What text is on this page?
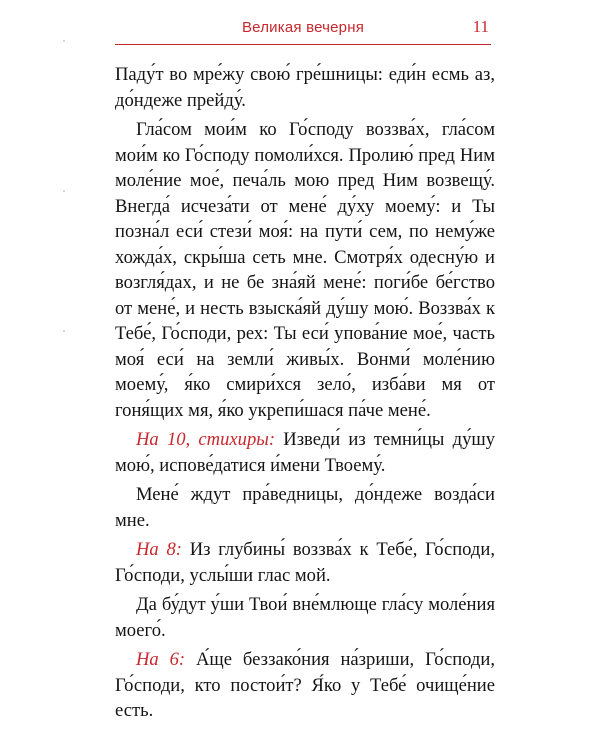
Великая вечерня	11

Паду́т во мре́жу свою́ гре́шницы: еди́н есмь аз, до́ндеже прейду́.

Гла́сом мои́м ко Го́споду воззва́х, гла́сом мои́м ко Го́споду помоли́хся. Пролию́ пред Ним моле́ние мое́, печа́ль мою пред Ним возвещу́. Внегда́ исчеза́ти от мене́ ду́ху моему́: и Ты позна́л еси́ стези́ моя́: на пути́ сем, по нему́же хожда́х, скры́ша сеть мне. Смотря́х одесну́ю и возгля́дах, и не бе зна́яй мене́: поги́бе бе́гство от мене́, и несть взыска́яй ду́шу мою́. Воззва́х к Тебе́, Го́споди, рех: Ты еси́ упова́ние мое́, часть моя́ еси́ на земли́ живы́х. Вонми́ моле́нию моему́, я́ко смири́хся зело́, изба́ви мя от гоня́щих мя, я́ко укрепи́шася па́че мене́.

На 10, стихиры: Изведи́ из темни́цы ду́шу мою́, испове́датися и́мени Твоему́.

Мене́ ждут пра́ведницы, до́ндеже возда́си мне.

На 8: Из глубины́ воззва́х к Тебе́, Го́споди, Го́споди, услы́ши глас мой.

Да бу́дут у́ши Твои́ вне́млюще гла́су моле́ния моего́.

На 6: А́ще беззако́ния на́зриши, Го́споди, Го́споди, кто постои́т? Я́ко у Тебе́ очище́ние есть.
